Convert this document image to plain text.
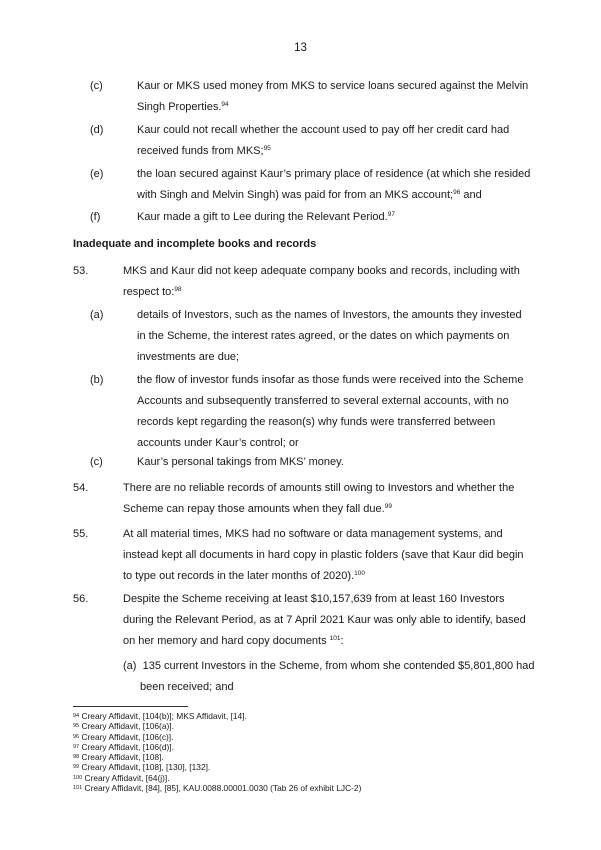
13
(c)	Kaur or MKS used money from MKS to service loans secured against the Melvin Singh Properties.$^{94}$
(d)	Kaur could not recall whether the account used to pay off her credit card had received funds from MKS;$^{95}$
(e)	the loan secured against Kaur’s primary place of residence (at which she resided with Singh and Melvin Singh) was paid for from an MKS account;$^{96}$ and
(f)	Kaur made a gift to Lee during the Relevant Period.$^{97}$
Inadequate and incomplete books and records
53.	MKS and Kaur did not keep adequate company books and records, including with respect to:$^{98}$
(a)	details of Investors, such as the names of Investors, the amounts they invested in the Scheme, the interest rates agreed, or the dates on which payments on investments are due;
(b)	the flow of investor funds insofar as those funds were received into the Scheme Accounts and subsequently transferred to several external accounts, with no records kept regarding the reason(s) why funds were transferred between accounts under Kaur’s control; or
(c)	Kaur’s personal takings from MKS’ money.
54.	There are no reliable records of amounts still owing to Investors and whether the Scheme can repay those amounts when they fall due.$^{99}$
55.	At all material times, MKS had no software or data management systems, and instead kept all documents in hard copy in plastic folders (save that Kaur did begin to type out records in the later months of 2020).$^{100}$
56.	Despite the Scheme receiving at least $10,157,639 from at least 160 Investors during the Relevant Period, as at 7 April 2021 Kaur was only able to identify, based on her memory and hard copy documents $^{101}$:
(a) 135 current Investors in the Scheme, from whom she contended $5,801,800 had been received; and
$^{94}$ Creary Affidavit, [104(b)]; MKS Affidavit, [14].
$^{95}$ Creary Affidavit, [106(a)].
$^{96}$ Creary Affidavit, [106(c)].
$^{97}$ Creary Affidavit, [106(d)].
$^{98}$ Creary Affidavit, [108].
$^{99}$ Creary Affidavit, [108], [130], [132].
$^{100}$ Creary Affidavit, [64(j)].
$^{101}$ Creary Affidavit, [84], [85], KAU.0088.00001.0030 (Tab 26 of exhibit LJC-2)
